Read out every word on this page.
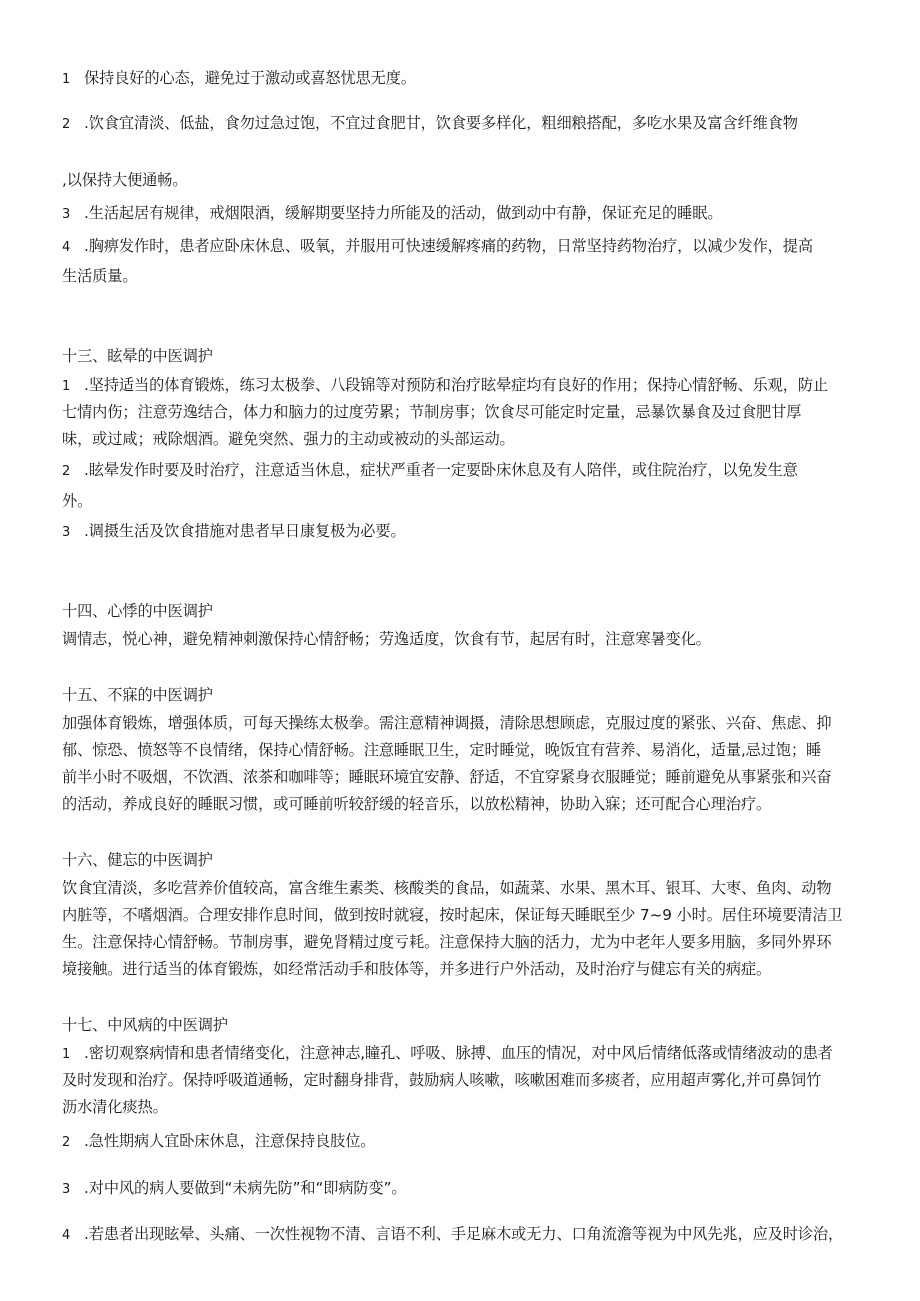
1 保持良好的心态，避免过于激动或喜怒忧思无度。
2 .饮食宜清淡、低盐，食勿过急过饱，不宜过食肥甘，饮食要多样化，粗细粮搭配，多吃水果及富含纤维食物
,以保持大便通畅。
3 .生活起居有规律，戒烟限酒，缓解期要坚持力所能及的活动，做到动中有静，保证充足的睡眠。
4 .胸痹发作时，患者应卧床休息、吸氧，并服用可快速缓解疼痛的药物，日常坚持药物治疗，以减少发作，提高
生活质量。
十三、眩晕的中医调护
1 .坚持适当的体育锻炼，练习太极拳、八段锦等对预防和治疗眩晕症均有良好的作用；保持心情舒畅、乐观，防止
七情内伤；注意劳逸结合，体力和脑力的过度劳累；节制房事；饮食尽可能定时定量，忌暴饮暴食及过食肥甘厚
味，或过咸；戒除烟酒。避免突然、强力的主动或被动的头部运动。
2 .眩晕发作时要及时治疗，注意适当休息，症状严重者一定要卧床休息及有人陪伴，或住院治疗，以免发生意
外。
3 .调摄生活及饮食措施对患者早日康复极为必要。
十四、心悸的中医调护
调情志，悦心神，避免精神刺激保持心情舒畅；劳逸适度，饮食有节，起居有时，注意寒暑变化。
十五、不寐的中医调护
加强体育锻炼，增强体质，可每天操练太极拳。需注意精神调摄，清除思想顾虑，克服过度的紧张、兴奋、焦虑、抑
郁、惊恐、愤怒等不良情绪，保持心情舒畅。注意睡眠卫生，定时睡觉，晚饭宜有营养、易消化，适量,忌过饱；睡
前半小时不吸烟，不饮酒、浓茶和咖啡等；睡眠环境宜安静、舒适，不宜穿紧身衣服睡觉；睡前避免从事紧张和兴奋
的活动，养成良好的睡眠习惯，或可睡前听较舒缓的轻音乐，以放松精神，协助入寐；还可配合心理治疗。
十六、健忘的中医调护
饮食宜清淡，多吃营养价值较高，富含维生素类、核酸类的食品，如蔬菜、水果、黑木耳、银耳、大枣、鱼肉、动物
内脏等，不嗜烟酒。合理安排作息时间，做到按时就寝，按时起床，保证每天睡眠至少 7~9 小时。居住环境要清洁卫
生。注意保持心情舒畅。节制房事，避免肾精过度亏耗。注意保持大脑的活力，尤为中老年人要多用脑，多同外界环
境接触。进行适当的体育锻炼，如经常活动手和肢体等，并多进行户外活动，及时治疗与健忘有关的病症。
十七、中风病的中医调护
1 .密切观察病情和患者情绪变化，注意神志,瞳孔、呼吸、脉搏、血压的情况，对中风后情绪低落或情绪波动的患者
及时发现和治疗。保持呼吸道通畅，定时翻身排背，鼓励病人咳嗽，咳嗽困难而多痰者，应用超声雾化,并可鼻饲竹
沥水清化痰热。
2 .急性期病人宜卧床休息，注意保持良肢位。
3 .对中风的病人要做到“未病先防”和“即病防变”。
4 .若患者出现眩晕、头痛、一次性视物不清、言语不利、手足麻木或无力、口角流澹等视为中风先兆，应及时诊治，
